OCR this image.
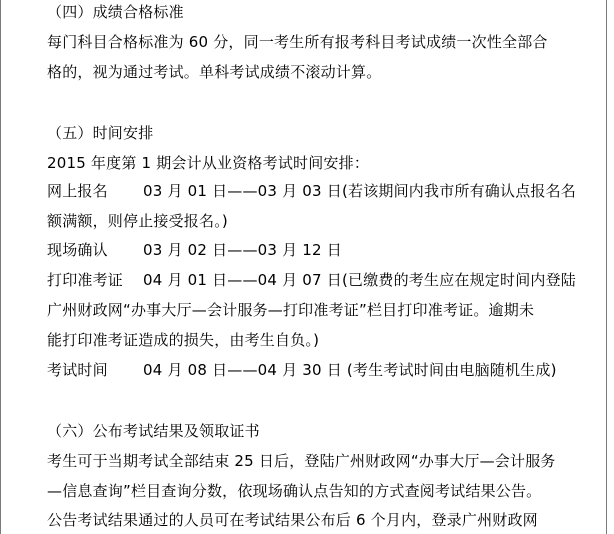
（四）成绩合格标准
每门科目合格标准为 60 分，同一考生所有报考科目考试成绩一次性全部合
格的，视为通过考试。单科考试成绩不滚动计算。
（五）时间安排
2015 年度第 1 期会计从业资格考试时间安排：
网上报名 03 月 01 日——03 月 03 日(若该期间内我市所有确认点报名名
额满额，则停止接受报名。)
现场确认 03 月 02 日——03 月 12 日
打印准考证 04 月 01 日——04 月 07 日(已缴费的考生应在规定时间内登陆
广州财政网“办事大厅—会计服务—打印准考证”栏目打印准考证。逾期未
能打印准考证造成的损失，由考生自负。)
考试时间 04 月 08 日——04 月 30 日 (考生考试时间由电脑随机生成)
（六）公布考试结果及领取证书
考生可于当期考试全部结束 25 日后，登陆广州财政网“办事大厅—会计服务
—信息查询”栏目查询分数，依现场确认点告知的方式查阅考试结果公告。
公告考试结果通过的人员可在考试结果公布后 6 个月内，登录广州财政网
